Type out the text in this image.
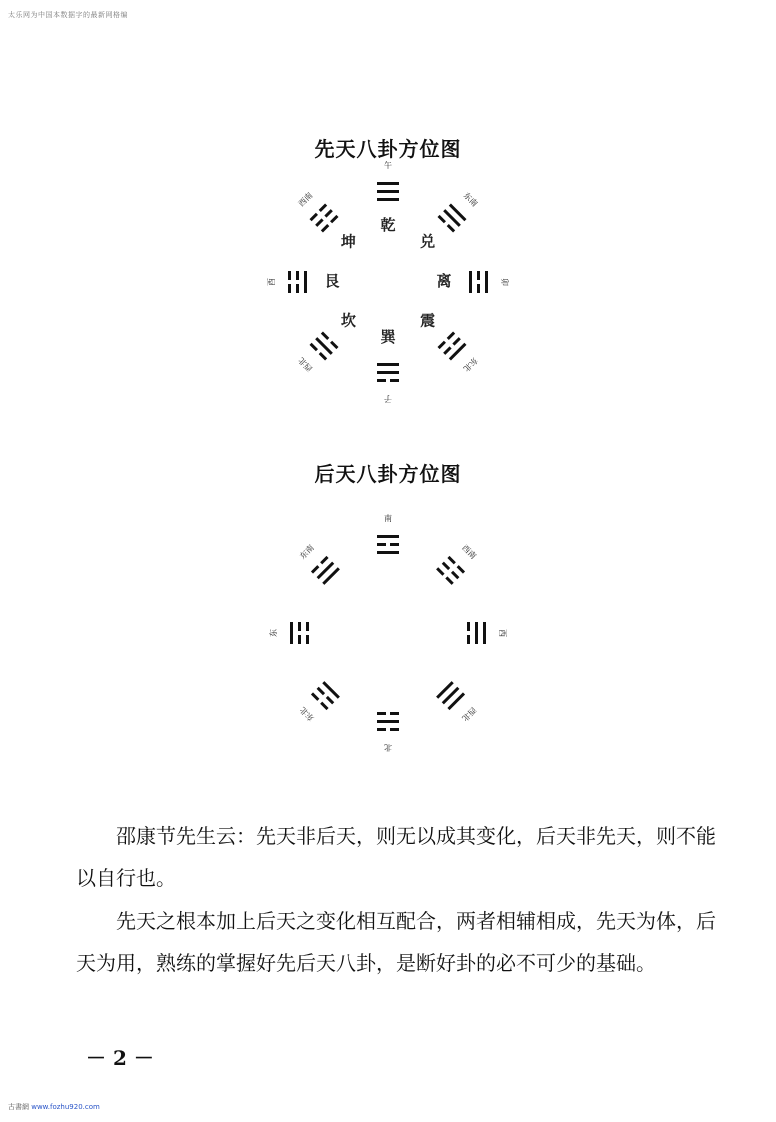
太乐网为中国本数据字的最新网格编
先天八卦方位图
乾
午
兑
东南
离	卯
震
东北
巽
子
坎
西北
艮
酉
坤
西南
后天八卦方位图
南
西南
西
西北
北
东北
东
东南
邵康节先生云：先天非后天，则无以成其变化，后天非先天，则不能以自行也。
先天之根本加上后天之变化相互配合，两者相辅相成，先天为体，后天为用，熟练的掌握好先后天八卦，是断好卦的必不可少的基础。
－ 2 －
古書網 www.fozhu920.com
